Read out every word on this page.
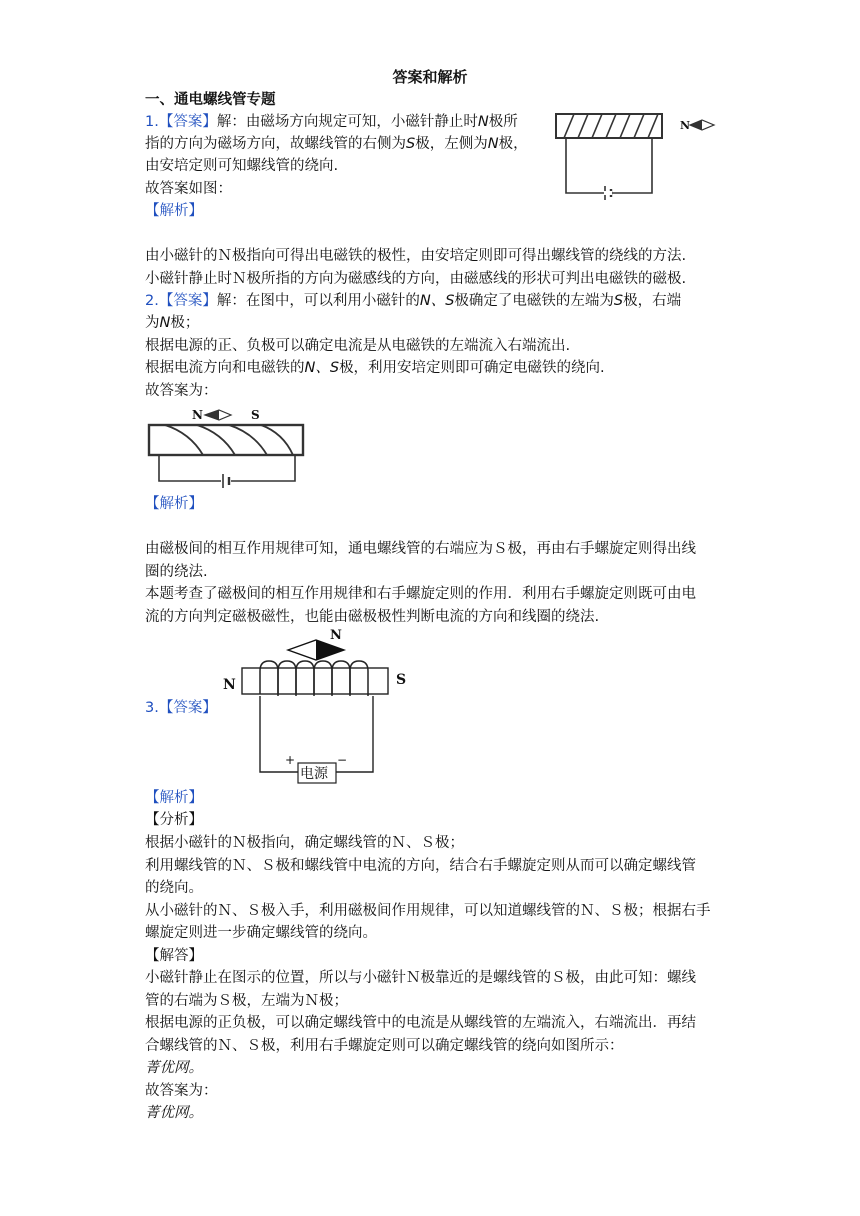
答案和解析
一、通电螺线管专题
1.【答案】解：由磁场方向规定可知，小磁针静止时N极所
指的方向为磁场方向，故螺线管的右侧为S极，左侧为N极，
由安培定则可知螺线管的绕向.
故答案如图：
【解析】
由小磁针的Ｎ极指向可得出电磁铁的极性，由安培定则即可得出螺线管的绕线的方法.
小磁针静止时Ｎ极所指的方向为磁感线的方向，由磁感线的形状可判出电磁铁的磁极.
N
2.【答案】解：在图中，可以利用小磁针的N、S极确定了电磁铁的左端为S极，右端
为N极；
根据电源的正、负极可以确定电流是从电磁铁的左端流入右端流出.
根据电流方向和电磁铁的N、S极，利用安培定则即可确定电磁铁的绕向.
故答案为：
N	S
【解析】
由磁极间的相互作用规律可知，通电螺线管的右端应为Ｓ极，再由右手螺旋定则得出线
圈的绕法.
本题考查了磁极间的相互作用规律和右手螺旋定则的作用．利用右手螺旋定则既可由电
流的方向判定磁极磁性，也能由磁极极性判断电流的方向和线圈的绕法.
3.【答案】
N
N	S
电源
+	−
【解析】
【分析】
根据小磁针的Ｎ极指向，确定螺线管的Ｎ、Ｓ极；
利用螺线管的Ｎ、Ｓ极和螺线管中电流的方向，结合右手螺旋定则从而可以确定螺线管
的绕向。
从小磁针的Ｎ、Ｓ极入手，利用磁极间作用规律，可以知道螺线管的Ｎ、Ｓ极；根据右手
螺旋定则进一步确定螺线管的绕向。
【解答】
小磁针静止在图示的位置，所以与小磁针Ｎ极靠近的是螺线管的Ｓ极，由此可知：螺线
管的右端为Ｓ极，左端为Ｎ极；
根据电源的正负极，可以确定螺线管中的电流是从螺线管的左端流入，右端流出．再结
合螺线管的Ｎ、Ｓ极，利用右手螺旋定则可以确定螺线管的绕向如图所示：
菁优网。
故答案为：
菁优网。
